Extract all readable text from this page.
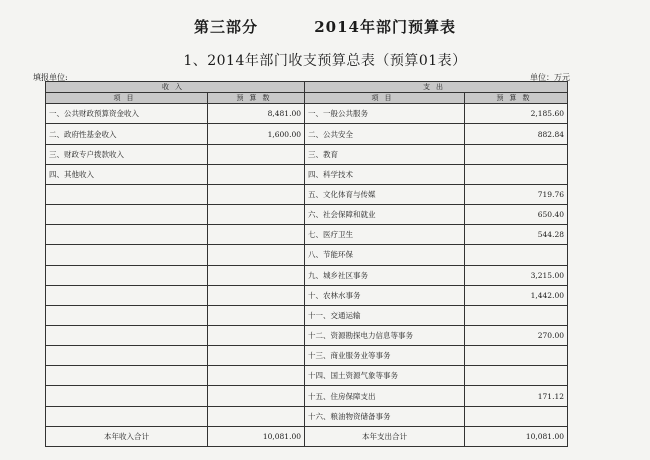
第三部分	2014年部门预算表
1、2014年部门收支预算总表（预算01表）
填报单位:	单位：万元
收入		支出	
项目	预算数	项目	预算数
一、公共财政预算资金收入	8,481.00	一、一般公共服务	2,185.60
二、政府性基金收入	1,600.00	二、公共安全	882.84
三、财政专户拨款收入		三、教育	
四、其他收入		四、科学技术	
		五、文化体育与传媒	719.76
		六、社会保障和就业	650.40
		七、医疗卫生	544.28
		八、节能环保	
		九、城乡社区事务	3,215.00
		十、农林水事务	1,442.00
		十一、交通运输	
		十二、资源勘探电力信息等事务	270.00
		十三、商业服务业等事务	
		十四、国土资源气象等事务	
		十五、住房保障支出	171.12
		十六、粮油物资储备事务	
本年收入合计	10,081.00	本年支出合计	10,081.00
